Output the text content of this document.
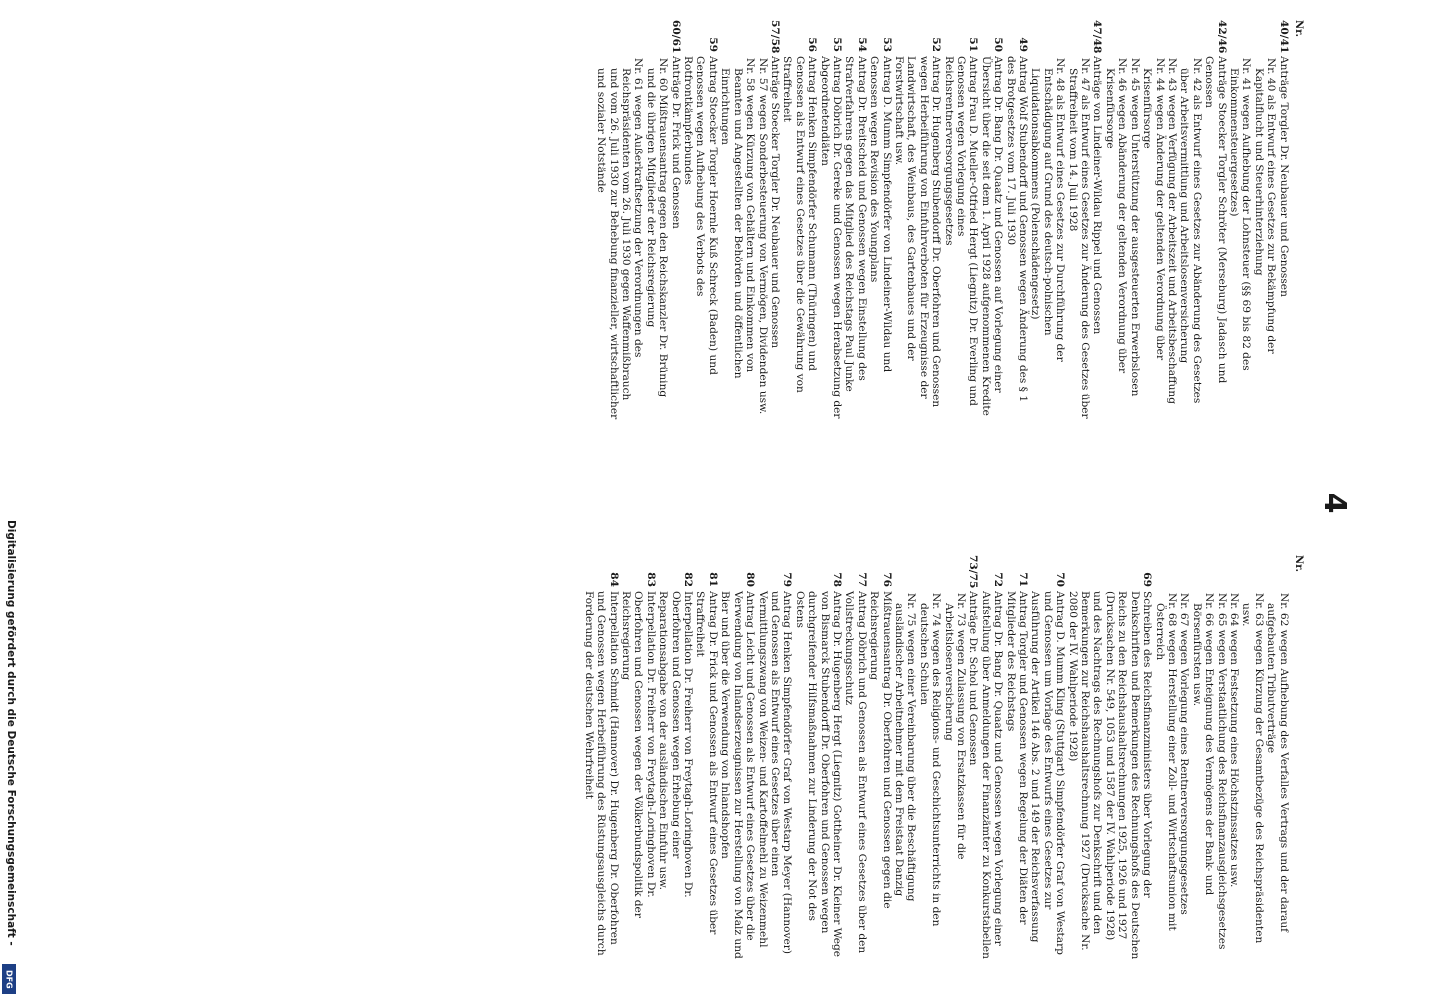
4
Nr.
40/41
Anträge Torgler Dr. Neubauer und Genossen
Nr. 40 als Entwurf eines Gesetzes zur Bekämpfung der Kapitalflucht und Steuerhinterziehung
Nr. 41 wegen Aufhebung der Lohnsteuer (§§ 69 bis 82 des Einkommensteuergesetzes)
42/46
Anträge Stoecker Torgler Schröter (Merseburg) Jadasch und Genossen
Nr. 42 als Entwurf eines Gesetzes zur Abänderung des Gesetzes über Arbeitsvermittlung und Arbeitslosenversicherung
Nr. 43 wegen Verfügung der Arbeitszeit und Arbeitsbeschaffung
Nr. 44 wegen Änderung der geltenden Verordnung über Krisenfürsorge
Nr. 45 wegen Unterstützung der ausgesteuerten Erwerbslosen
Nr. 46 wegen Abänderung der geltenden Verordnung über Krisenfürsorge
47/48
Anträge von Lindeiner-Wildau Rippel und Genossen
Nr. 47 als Entwurf eines Gesetzes zur Änderung des Gesetzes über Straffreiheit vom 14. Juli 1928
Nr. 48 als Entwurf eines Gesetzes zur Durchführung der Entschädigung auf Grund des deutsch-polnischen Liquidationsabkommens (Polenschädengesetz)
49
Antrag Wolf Stubendorff und Genossen wegen Änderung des § 1 des Brotgesetzes vom 17. Juli 1930
50
Antrag Dr. Bang Dr. Quaatz und Genossen auf Vorlegung einer Übersicht über die seit dem 1. April 1928 aufgenommenen Kredite
51
Antrag Frau D. Mueller-Otfried Hergt (Liegnitz) Dr. Everling und Genossen wegen Vorlegung eines Reichsrentnerversorgungsgesetzes
52
Antrag Dr. Hugenberg Stubendorff Dr. Oberfohren und Genossen wegen Herbeiführung von Einfuhrverboten für Erzeugnisse der Landwirtschaft, des Weinbaus, des Gartenbaues und der Forstwirtschaft usw.
53
Antrag D. Mumm Simpfendörfer von Lindeiner-Wildau und Genossen wegen Revision des Youngplans
54
Antrag Dr. Breitscheid und Genossen wegen Einstellung des Strafverfahrens gegen das Mitglied des Reichstags Paul Junke
55
Antrag Döbrich Dr. Gereke und Genossen wegen Herabsetzung der Abgeordnetendiäten
56
Antrag Henken Simpfendörfer Schumann (Thüringen) und Genossen als Entwurf eines Gesetzes über die Gewährung von Straffreiheit
57/58
Anträge Stoecker Torgler Dr. Neubauer und Genossen
Nr. 57 wegen Sonderbesteuerung von Vermögen, Dividenden usw.
Nr. 58 wegen Kürzung von Gehältern und Einkommen von Beamten und Angestellten der Behörden und öffentlichen Einrichtungen
59
Antrag Stoecker Torgler Hoernle Kuß Schreck (Baden) und Genossen wegen Aufhebung des Verbots des Rotfrontkämpferbundes
60/61
Anträge Dr. Frick und Genossen
Nr. 60 Mißtrauensantrag gegen den Reichskanzler Dr. Brüning und die übrigen Mitglieder der Reichsregierung
Nr. 61 wegen Außerkraftsetzung der Verordnungen des Reichspräsidenten vom 26. Juli 1930 gegen Waffenmißbrauch und vom 26. Juli 1930 zur Behebung finanzieller, wirtschaftlicher und sozialer Notstände
Nr.
Nr. 62 wegen Aufhebung des Verfalles Vertrags und der darauf aufgebauten Tributverträge
Nr. 63 wegen Kürzung der Gesamtbezüge des Reichspräsidenten usw.
Nr. 64 wegen Festsetzung eines Höchstzinssatzes usw.
Nr. 65 wegen Verstaatlichung des Reichsfinanzausgleichsgesetzes
Nr. 66 wegen Enteignung des Vermögens der Bank- und Börsenfürsten usw.
Nr. 67 wegen Vorlegung eines Rentnerversorgungsgesetzes
Nr. 68 wegen Herstellung einer Zoll- und Wirtschaftsunion mit Österreich
69
Schreiben des Reichsfinanzministers über Vorlegung der Denkschriften und Bemerkungen des Rechnungshofs des Deutschen Reichs zu den Reichshaushaltsrechnungen 1925, 1926 und 1927 (Drucksachen Nr. 549, 1053 und 1587 der IV. Wahlperiode 1928) und des Nachtrags des Rechnungshofs zur Denkschrift und den Bemerkungen zur Reichshaushaltsrechnung 1927 (Drucksache Nr. 2080 der IV. Wahlperiode 1928)
70
Antrag D. Mumm Kling (Stuttgart) Simpfendörfer Graf von Westarp und Genossen um Vorlage des Entwurfs eines Gesetzes zur Ausführung der Artikel 146 Abs. 2 und 149 der Reichsverfassung
71
Antrag Torgler und Genossen wegen Regelung der Diäten der Mitglieder des Reichstags
72
Antrag Dr. Bang Dr. Quaatz und Genossen wegen Vorlegung einer Aufstellung über Anmeldungen der Finanzämter zu Konkurstabellen
73/75
Anträge Dr. Schol und Genossen
Nr. 73 wegen Zulassung von Ersatzkassen für die Arbeitslosenversicherung
Nr. 74 wegen des Religions- und Geschichtsunterrichts in den deutschen Schulen
Nr. 75 wegen einer Vereinbarung über die Beschäftigung ausländischer Arbeitnehmer mit dem Freistaat Danzig
76
Mißtrauensantrag Dr. Oberfohren und Genossen gegen die Reichsregierung
77
Antrag Döbrich und Genossen als Entwurf eines Gesetzes über den Vollstreckungsschutz
78
Antrag Dr. Hugenberg Hergt (Liegnitz) Gottheiner Dr. Kleiner Wege von Bismarck Stubendorff Dr. Oberfohren und Genossen wegen durchgreifender Hilfsmaßnahmen zur Linderung der Not des Ostens
79
Antrag Henken Simpfendörfer Graf von Westarp Meyer (Hannover) und Genossen als Entwurf eines Gesetzes über einen Vermittlungszwang von Weizen- und Kartoffelmehl zu Weizenmehl
80
Antrag Leicht und Genossen als Entwurf eines Gesetzes über die Verwendung von Inlandserzeugnissen zur Herstellung von Malz und Bier und über die Verwendung von Inlandshopfen
81
Antrag Dr. Frick und Genossen als Entwurf eines Gesetzes über Straffreiheit
82
Interpellation Dr. Freiherr von Freytagh-Loringhoven Dr. Oberfohren und Genossen wegen Erhebung einer Reparationsabgabe von der ausländischen Einfuhr usw.
83
Interpellation Dr. Freiherr von Freytagh-Loringhoven Dr. Oberfohren und Genossen wegen der Völkerbundspolitik der Reichsregierung
84
Interpellation Schmidt (Hannover) Dr. Hugenberg Dr. Oberfohren und Genossen wegen Herbeiführung des Rüstungsausgleichs durch Forderung der deutschen Wehrfreiheit
Digitalisierung gefördert durch die Deutsche Forschungsgemeinschaft -
DFG
